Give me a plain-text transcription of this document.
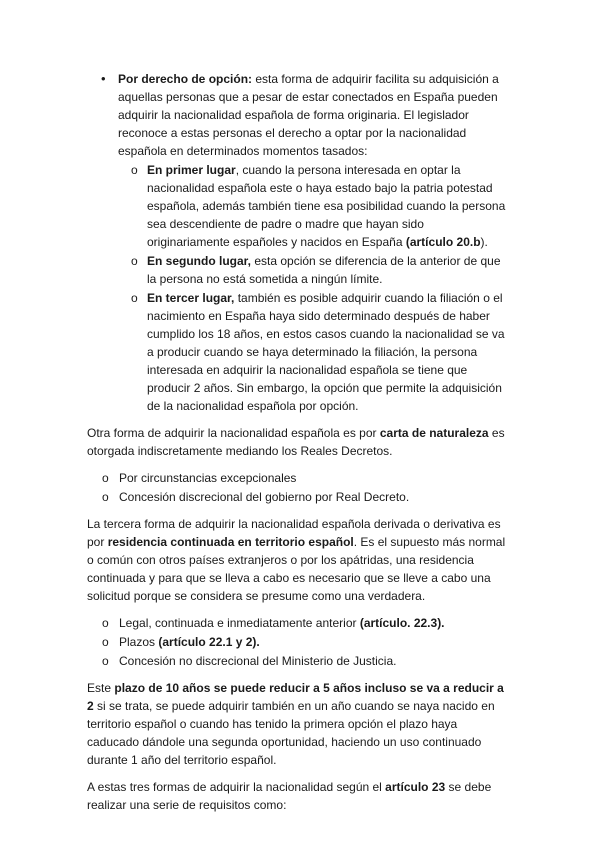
•	Por derecho de opción: esta forma de adquirir facilita su adquisición a aquellas personas que a pesar de estar conectados en España pueden adquirir la nacionalidad española de forma originaria. El legislador reconoce a estas personas el derecho a optar por la nacionalidad española en determinados momentos tasados:

o En primer lugar, cuando la persona interesada en optar la nacionalidad española este o haya estado bajo la patria potestad española, además también tiene esa posibilidad cuando la persona sea descendiente de padre o madre que hayan sido originariamente españoles y nacidos en España (artículo 20.b).

o En segundo lugar, esta opción se diferencia de la anterior de que la persona no está sometida a ningún límite.

o En tercer lugar, también es posible adquirir cuando la filiación o el nacimiento en España haya sido determinado después de haber cumplido los 18 años, en estos casos cuando la nacionalidad se va a producir cuando se haya determinado la filiación, la persona interesada en adquirir la nacionalidad española se tiene que producir 2 años. Sin embargo, la opción que permite la adquisición de la nacionalidad española por opción.

Otra forma de adquirir la nacionalidad española es por carta de naturaleza es otorgada indiscretamente mediando los Reales Decretos.

o Por circunstancias excepcionales

o Concesión discrecional del gobierno por Real Decreto.

La tercera forma de adquirir la nacionalidad española derivada o derivativa es por residencia continuada en territorio español. Es el supuesto más normal o común con otros países extranjeros o por los apátridas, una residencia continuada y para que se lleva a cabo es necesario que se lleve a cabo una solicitud porque se considera se presume como una verdadera.

o Legal, continuada e inmediatamente anterior (artículo. 22.3).

o Plazos (artículo 22.1 y 2).

o Concesión no discrecional del Ministerio de Justicia.

Este plazo de 10 años se puede reducir a 5 años incluso se va a reducir a 2 si se trata, se puede adquirir también en un año cuando se naya nacido en territorio español o cuando has tenido la primera opción el plazo haya caducado dándole una segunda oportunidad, haciendo un uso continuado durante 1 año del territorio español.

A estas tres formas de adquirir la nacionalidad según el artículo 23 se debe realizar una serie de requisitos como:
